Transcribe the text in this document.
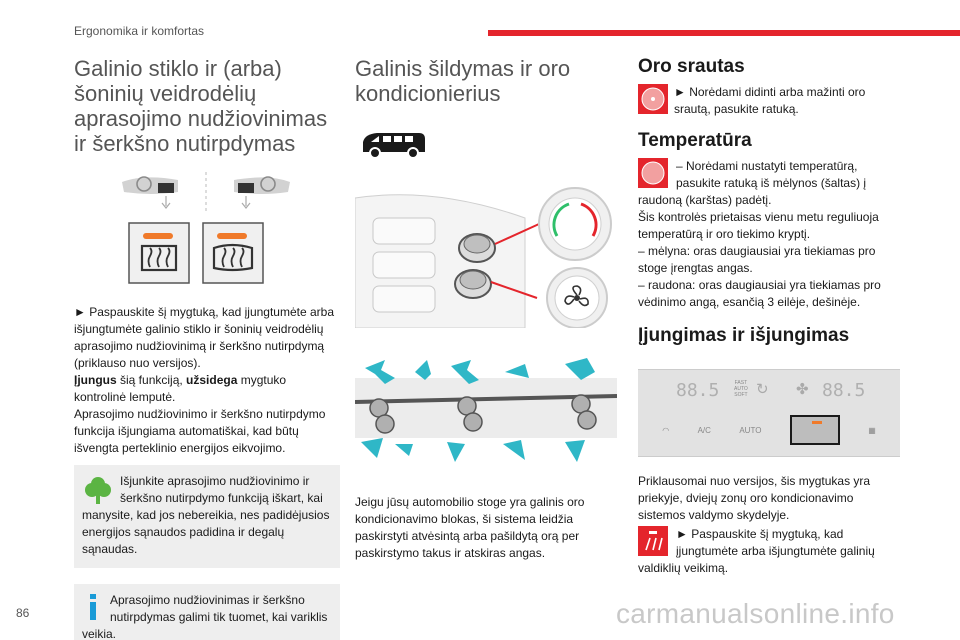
Ergonomika ir komfortas
Galinio stiklo ir (arba) šoninių veidrodėlių aprasojimo nudžiovinimas ir šerkšno nutirpdymas

► Paspauskite šį mygtuką, kad įjungtumėte arba išjungtumėte galinio stiklo ir šoninių veidrodėlių aprasojimo nudžiovinimą ir šerkšno nutirpdymą (priklauso nuo versijos).

Įjungus šią funkciją, užsidega mygtuko kontrolinė lemputė.

Aprasojimo nudžiovinimo ir šerkšno nutirpdymo funkcija išjungiama automatiškai, kad būtų išvengta perteklinio energijos eikvojimo.

Išjunkite aprasojimo nudžiovinimo ir šerkšno nutirpdymo funkciją iškart, kai manysite, kad jos nebereikia, nes padidėjusios energijos sąnaudos padidina ir degalų sąnaudas.
Aprasojimo nudžiovinimas ir šerkšno nutirpdymas galimi tik tuomet, kai variklis veikia.
Galinis šildymas ir oro kondicionierius

Jeigu jūsų automobilio stoge yra galinis oro kondicionavimo blokas, ši sistema leidžia paskirstyti atvėsintą arba pašildytą orą per paskirstymo takus ir atskiras angas.

Oro srautas

► Norėdami didinti arba mažinti oro srautą, pasukite ratuką.

Temperatūra

– Norėdami nustatyti temperatūrą, pasukite ratuką iš mėlynos (šaltas) į raudoną (karštas) padėtį.

Šis kontrolės prietaisas vienu metu reguliuoja temperatūrą ir oro tiekimo kryptį.

– mėlyna: oras daugiausiai yra tiekiamas pro stoge įrengtas angas.

– raudona: oras daugiausiai yra tiekiamas pro vėdinimo angą, esančią 3 eilėje, dešinėje.

Įjungimas ir išjungimas
88.5	FAST
AUTO
SOFT ↻ ✤ 88.5
◠	A/C	AUTO	▦

Priklausomai nuo versijos, šis mygtukas yra priekyje, dviejų zonų oro kondicionavimo sistemos valdymo skydelyje.

► Paspauskite šį mygtuką, kad įjungtumėte arba išjungtumėte galinių valdiklių veikimą.

86	carmanualsonline.info
